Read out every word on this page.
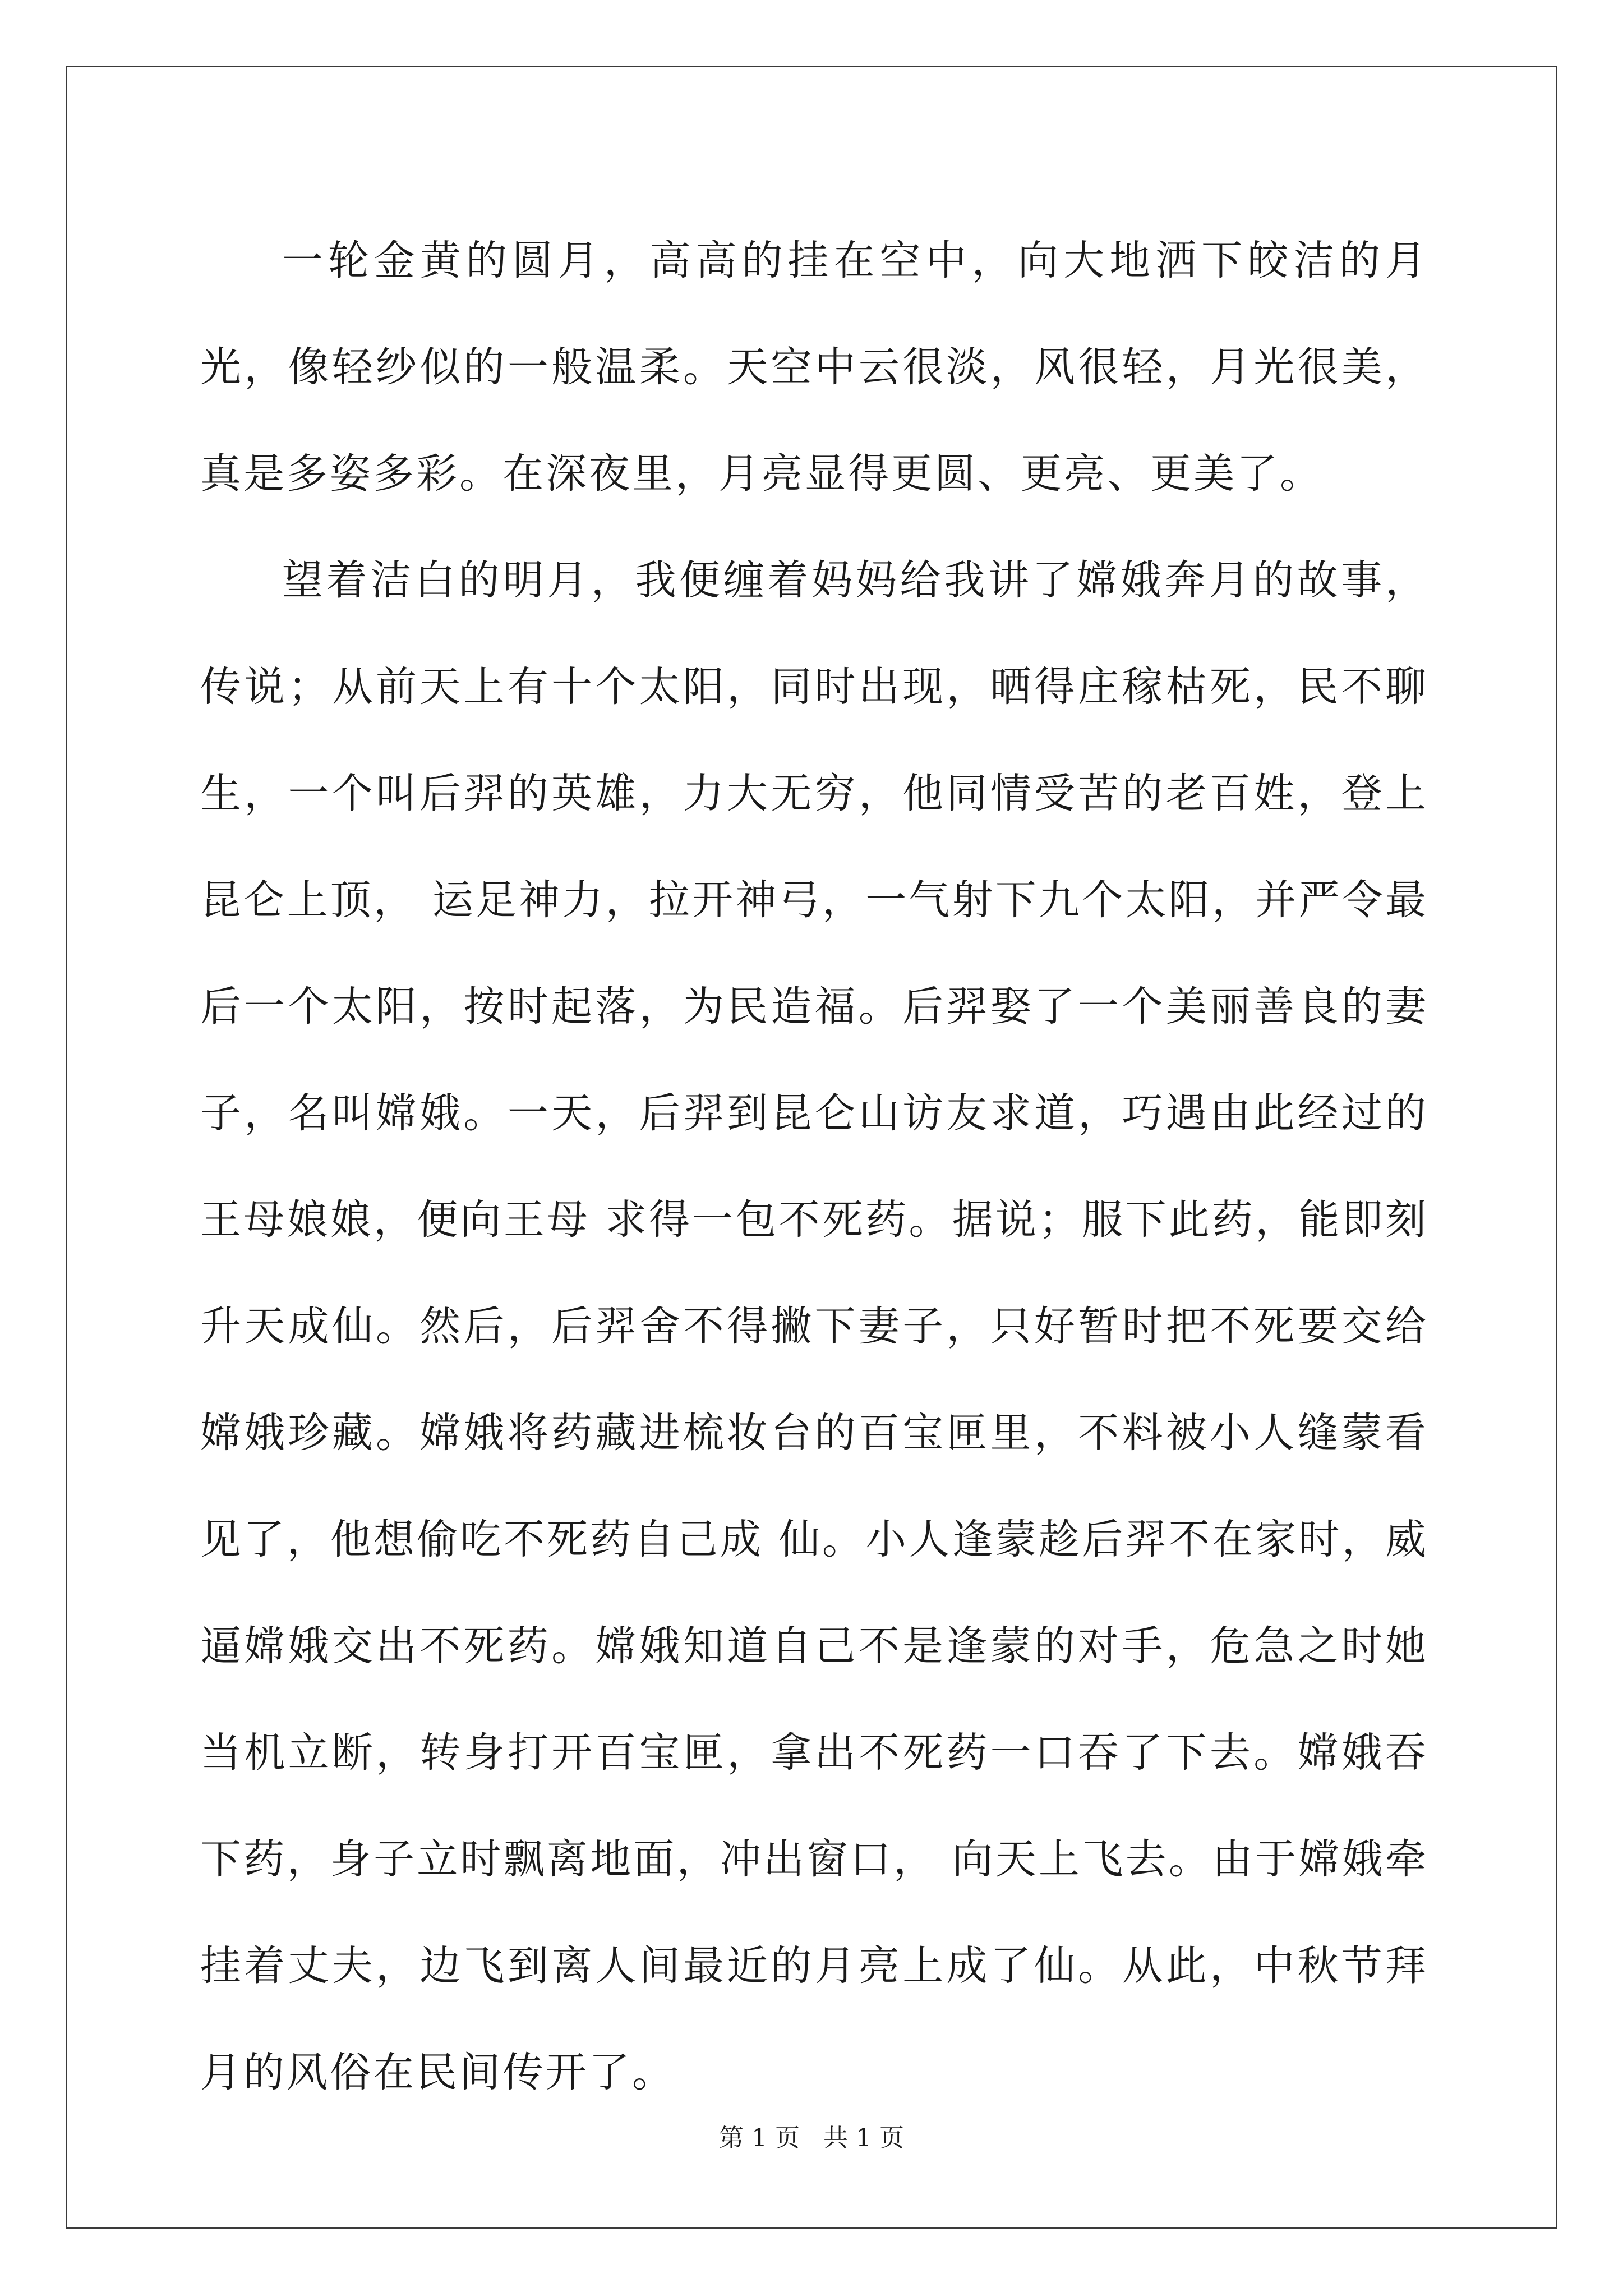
一轮金黄的圆月，高高的挂在空中，向大地洒下皎洁的月光，像轻纱似的一般温柔。天空中云很淡，风很轻，月光很美，真是多姿多彩。在深夜里，月亮显得更圆、更亮、更美了。

望着洁白的明月，我便缠着妈妈给我讲了嫦娥奔月的故事，传说；从前天上有十个太阳，同时出现，晒得庄稼枯死，民不聊生，一个叫后羿的英雄，力大无穷，他同情受苦的老百姓，登上昆仑上顶， 运足神力，拉开神弓，一气射下九个太阳，并严令最后一个太阳，按时起落，为民造福。后羿娶了一个美丽善良的妻子，名叫嫦娥。一天，后羿到昆仑山访友求道，巧遇由此经过的王母娘娘，便向王母 求得一包不死药。据说；服下此药，能即刻升天成仙。然后，后羿舍不得撇下妻子，只好暂时把不死要交给嫦娥珍藏。嫦娥将药藏进梳妆台的百宝匣里，不料被小人缝蒙看见了，他想偷吃不死药自己成 仙。小人逢蒙趁后羿不在家时，威逼嫦娥交出不死药。嫦娥知道自己不是逢蒙的对手，危急之时她当机立断，转身打开百宝匣，拿出不死药一口吞了下去。嫦娥吞下药，身子立时飘离地面，冲出窗口， 向天上飞去。由于嫦娥牵挂着丈夫，边飞到离人间最近的月亮上成了仙。从此，中秋节拜月的风俗在民间传开了。

第 1 页   共 1 页
